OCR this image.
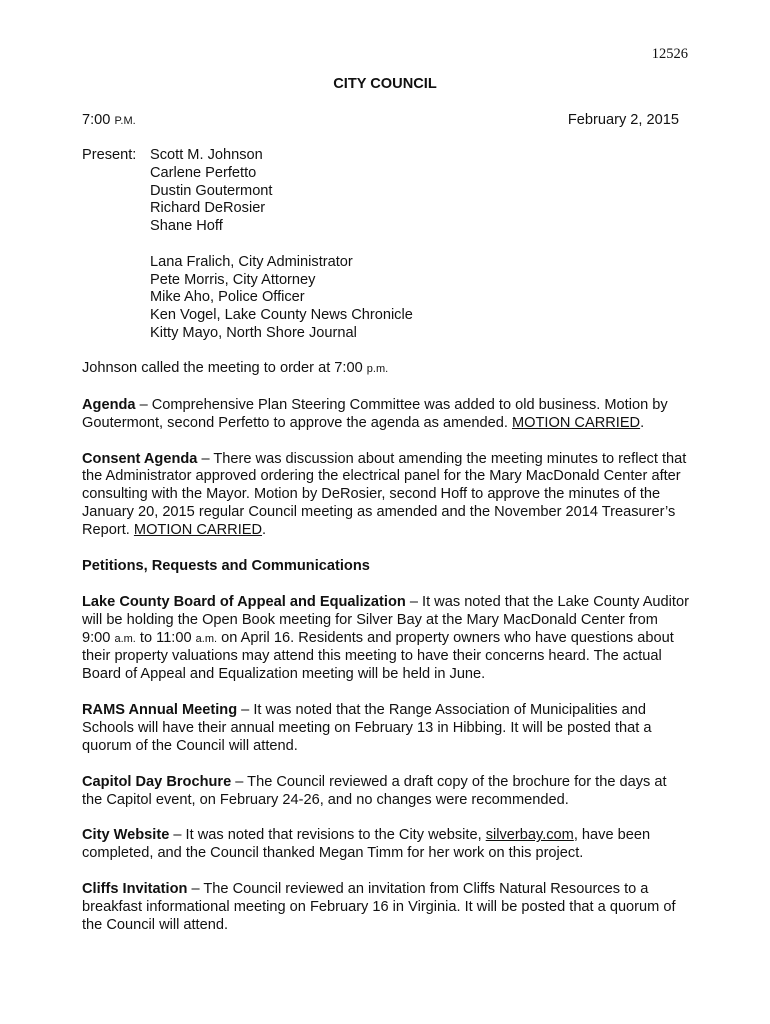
12526
CITY COUNCIL
7:00 P.M.	February 2, 2015
Present: Scott M. Johnson
Carlene Perfetto
Dustin Goutermont
Richard DeRosier
Shane Hoff
Lana Fralich, City Administrator
Pete Morris, City Attorney
Mike Aho, Police Officer
Ken Vogel, Lake County News Chronicle
Kitty Mayo, North Shore Journal

Johnson called the meeting to order at 7:00 p.m.

Agenda – Comprehensive Plan Steering Committee was added to old business. Motion by Goutermont, second Perfetto to approve the agenda as amended. MOTION CARRIED.

Consent Agenda – There was discussion about amending the meeting minutes to reflect that the Administrator approved ordering the electrical panel for the Mary MacDonald Center after consulting with the Mayor. Motion by DeRosier, second Hoff to approve the minutes of the January 20, 2015 regular Council meeting as amended and the November 2014 Treasurer’s Report. MOTION CARRIED.

Petitions, Requests and Communications

Lake County Board of Appeal and Equalization – It was noted that the Lake County Auditor will be holding the Open Book meeting for Silver Bay at the Mary MacDonald Center from 9:00 a.m. to 11:00 a.m. on April 16. Residents and property owners who have questions about their property valuations may attend this meeting to have their concerns heard. The actual Board of Appeal and Equalization meeting will be held in June.

RAMS Annual Meeting – It was noted that the Range Association of Municipalities and Schools will have their annual meeting on February 13 in Hibbing. It will be posted that a quorum of the Council will attend.

Capitol Day Brochure – The Council reviewed a draft copy of the brochure for the days at the Capitol event, on February 24-26, and no changes were recommended.

City Website – It was noted that revisions to the City website, silverbay.com, have been completed, and the Council thanked Megan Timm for her work on this project.

Cliffs Invitation – The Council reviewed an invitation from Cliffs Natural Resources to a breakfast informational meeting on February 16 in Virginia. It will be posted that a quorum of the Council will attend.
